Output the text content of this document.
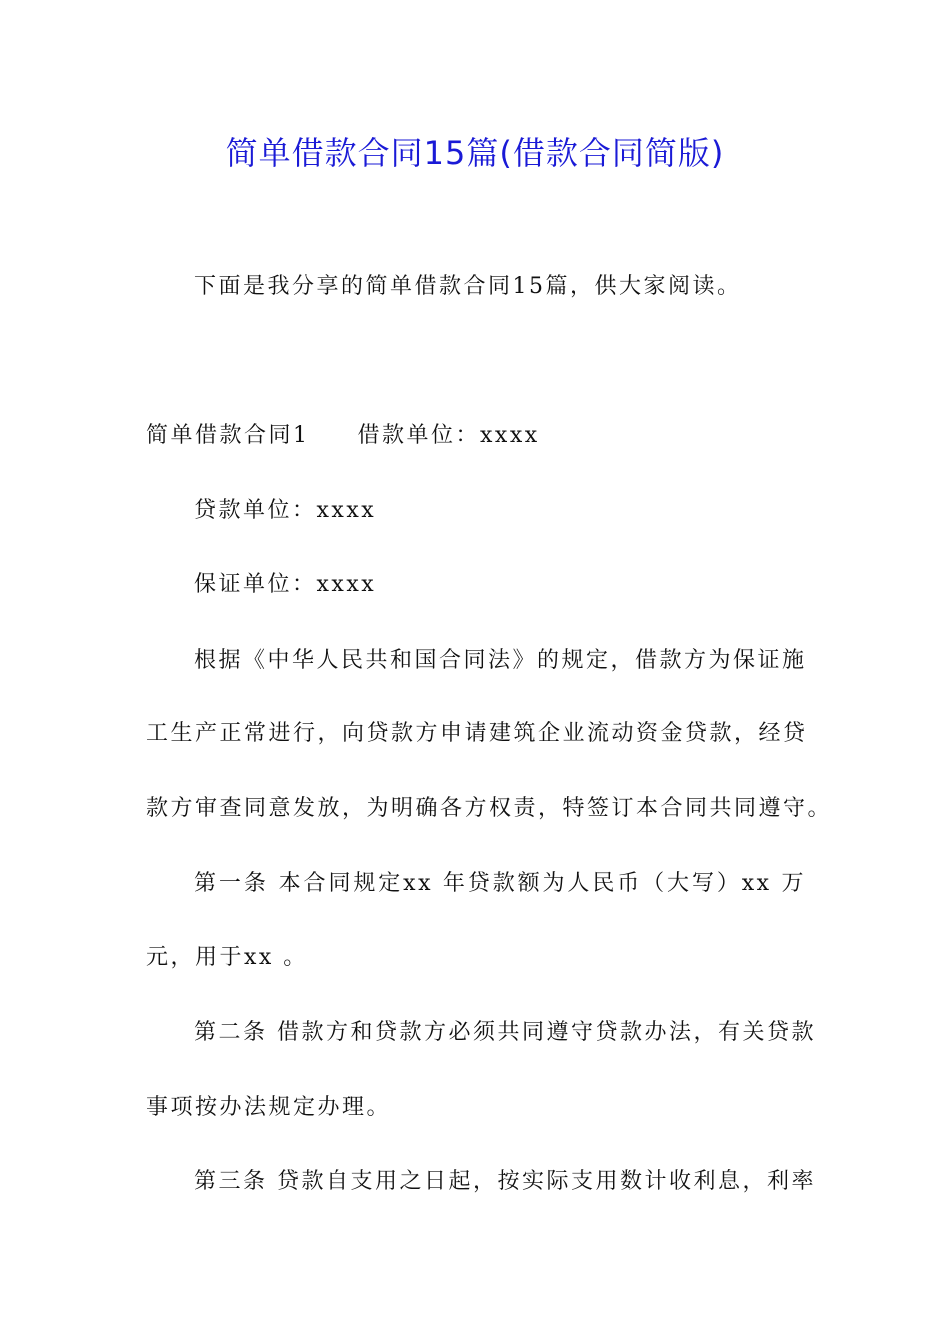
简单借款合同15篇(借款合同简版)
下面是我分享的简单借款合同15篇，供大家阅读。
简单借款合同1 借款单位：xxxx
贷款单位：xxxx
保证单位：xxxx
根据《中华人民共和国合同法》的规定，借款方为保证施
工生产正常进行，向贷款方申请建筑企业流动资金贷款，经贷
款方审查同意发放，为明确各方权责，特签订本合同共同遵守。
第一条 本合同规定xx 年贷款额为人民币（大写）xx 万
元，用于xx 。
第二条 借款方和贷款方必须共同遵守贷款办法，有关贷款
事项按办法规定办理。
第三条 贷款自支用之日起，按实际支用数计收利息，利率
